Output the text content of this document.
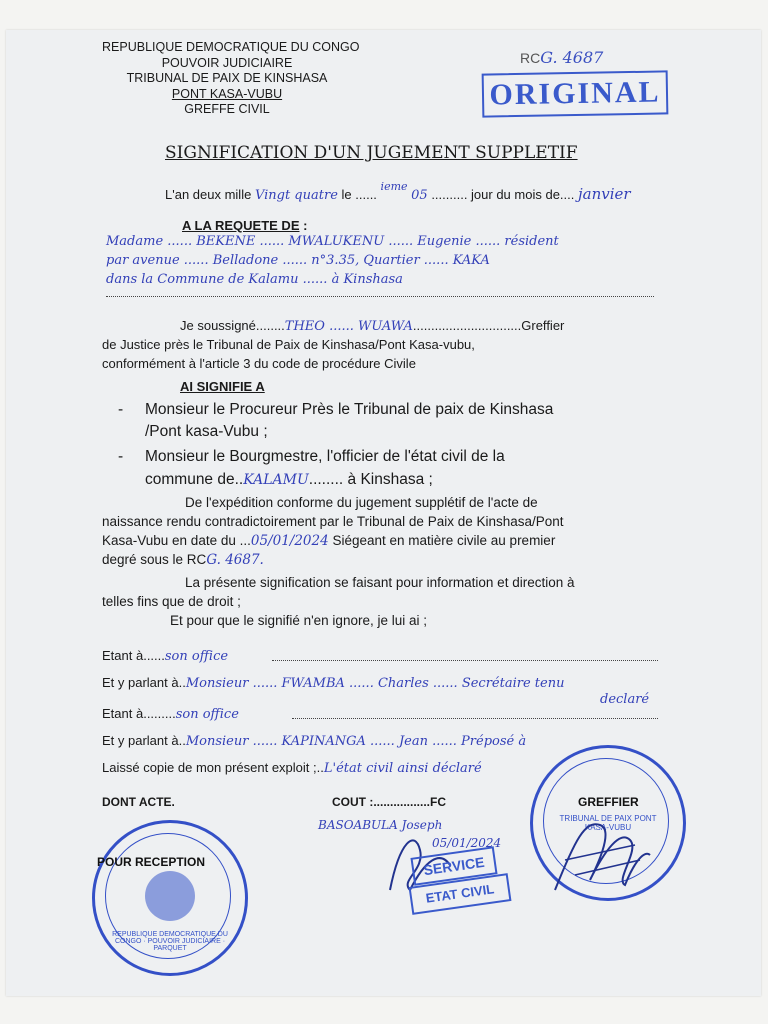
REPUBLIQUE DEMOCRATIQUE DU CONGO
POUVOIR JUDICIAIRE
TRIBUNAL DE PAIX DE KINSHASA
PONT KASA-VUBU
GREFFE CIVIL
RCG. 4687
ORIGINAL
SIGNIFICATION D'UN JUGEMENT SUPPLETIF
L'an deux mille Vingt quatre le ...... $^{ieme}$ 05 .......... jour du mois de.... janvier
A LA REQUETE DE :
Madame ...... BEKENE ...... MWALUKENU ...... Eugenie ...... résident
par avenue ...... Belladone ...... n°3.35, Quartier ...... KAKA
dans la Commune de Kalamu ...... à Kinshasa
Je soussigné........THEO ...... WUAWA..............................Greffier
de Justice près le Tribunal de Paix de Kinshasa/Pont Kasa-vubu,
conformément à l'article 3 du code de procédure Civile
AI SIGNIFIE A
- Monsieur le Procureur Près le Tribunal de paix de Kinshasa
/Pont kasa-Vubu ;
- Monsieur le Bourgmestre, l'officier de l'état civil de la
commune de..KALAMU........ à Kinshasa ;
De l'expédition conforme du jugement supplétif de l'acte de
naissance rendu contradictoirement par le Tribunal de Paix de Kinshasa/Pont
Kasa-Vubu en date du ...05/01/2024 Siégeant en matière civile au premier
degré sous le RCG. 4687.
La présente signification se faisant pour information et direction à
telles fins que de droit ;
Et pour que le signifié n'en ignore, je lui ai ;
Etant à......son office
Et y parlant à..Monsieur ...... FWAMBA ...... Charles ...... Secrétaire tenu
declaré
Etant à.........son office
Et y parlant à..Monsieur ...... KAPINANGA ...... Jean ...... Préposé à
Laissé copie de mon présent exploit ;..L'état civil ainsi déclaré
DONT ACTE.	COUT :.................FC
TRIBUNAL DE PAIX PONT KASA-VUBU
GREFFIER
REPUBLIQUE DEMOCRATIQUE DU CONGO · POUVOIR JUDICIAIRE · PARQUET
POUR RECEPTION
BASOABULA Joseph
05/01/2024
SERVICE
ETAT CIVIL
